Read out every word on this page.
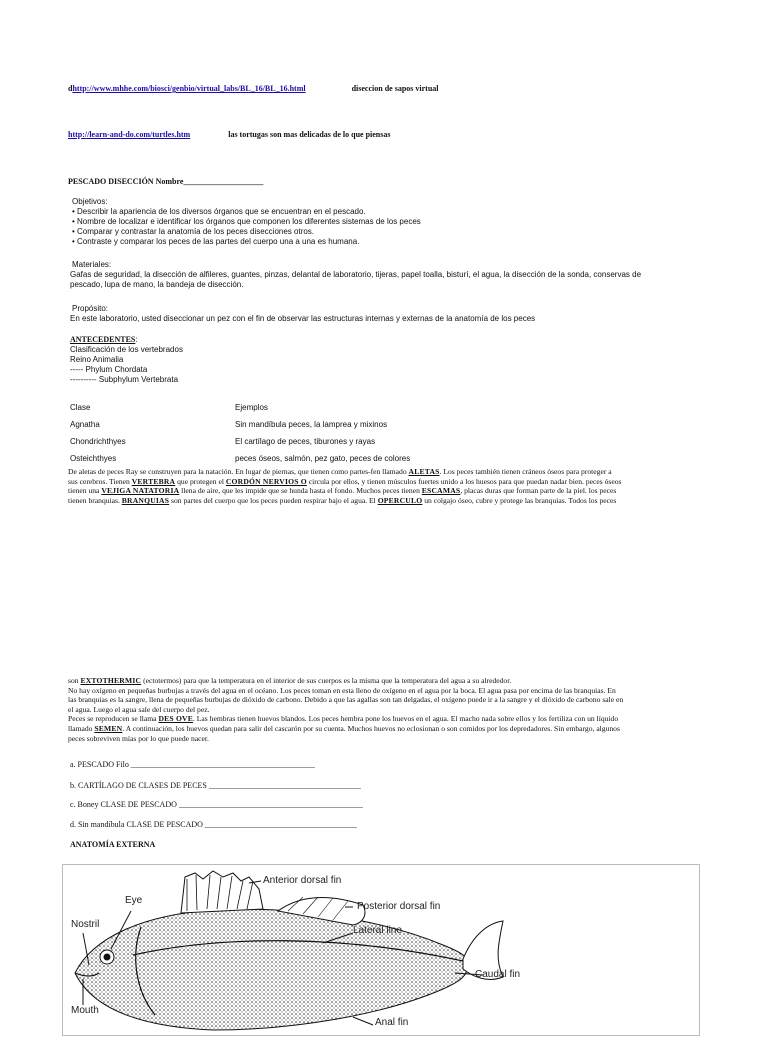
dhttp://www.mhhe.com/biosci/genbio/virtual_labs/BL_16/BL_16.html	diseccion de sapos virtual
http://learn-and-do.com/turtles.htm	las tortugas son mas delicadas de lo que piensas
PESCADO DISECCIÓN Nombre____________________
Objetivos:
• Describir la apariencia de los diversos órganos que se encuentran en el pescado.
• Nombre de localizar e identificar los órganos que componen los diferentes sistemas de los peces
• Comparar y contrastar la anatomía de los peces disecciones otros.
• Contraste y comparar los peces de las partes del cuerpo una a una es humana.
Materiales:
Gafas de seguridad, la disección de alfileres, guantes, pinzas, delantal de laboratorio, tijeras, papel toalla, bisturí, el agua, la disección de la sonda, conservas de
pescado, lupa de mano, la bandeja de disección.
Propósito:
En este laboratorio, usted diseccionar un pez con el fin de observar las estructuras internas y externas de la anatomía de los peces
ANTECEDENTES:
Clasificación de los vertebrados
Reino Animalia
----- Phylum Chordata
---------- Subphylum Vertebrata
Clase	Ejemplos
Agnatha	Sin mandíbula peces, la lamprea y mixinos
Chondrichthyes	El cartílago de peces, tiburones y rayas
Osteichthyes	peces óseos, salmón, pez gato, peces de colores
De aletas de peces Ray se construyen para la natación. En lugar de piernas, que tienen como partes-fen llamado ALETAS. Los peces también tienen cráneos óseos para proteger a
sus cerebros. Tienen VERTEBRA que protegen el CORDÓN NERVIOS O circula por ellos, y tienen músculos fuertes unido a los huesos para que puedan nadar bien. peces óseos
tienen una VEJIGA NATATORIA llena de aire, que les impide que se hunda hasta el fondo. Muchos peces tienen ESCAMAS, placas duras que forman parte de la piel. los peces
tienen branquias. BRANQUIAS son partes del cuerpo que los peces pueden respirar bajo el agua. El OPERCULO un colgajo óseo, cubre y protege las branquias. Todos los peces
son EXTOTHERMIC (ectotermos) para que la temperatura en el interior de sus cuerpos es la misma que la temperatura del agua a su alrededor.
No hay oxígeno en pequeñas burbujas a través del agua en el océano. Los peces toman en esta lleno de oxígeno en el agua por la boca. El agua pasa por encima de las branquias. En
las branquias es la sangre, llena de pequeñas burbujas de dióxido de carbono. Debido a que las agallas son tan delgadas, el oxígeno puede ir a la sangre y el dióxido de carbono sale en
el agua. Luego el agua sale del cuerpo del pez.
Peces se reproducen se llama DES OVE. Las hembras tienen huevos blandos. Los peces hembra pone los huevos en el agua. El macho nada sobre ellos y los fertiliza con un líquido
llamado SEMEN. A continuación, los huevos quedan para salir del cascarón por su cuenta. Muchos huevos no eclosionan o son comidos por los depredadores. Sin embargo, algunos
peces sobreviven mías por lo que puede nacer.
a. PESCADO Filo ______________________________________________
b. CARTÍLAGO DE CLASES DE PECES ______________________________________
c. Boney CLASE DE PESCADO ______________________________________________
d. Sin mandíbula CLASE DE PESCADO ______________________________________
ANATOMÍA EXTERNA
Anterior dorsal fin
Posterior dorsal fin
Eye
Nostril
Lateral line
Caudal fin
Mouth
Anal fin
